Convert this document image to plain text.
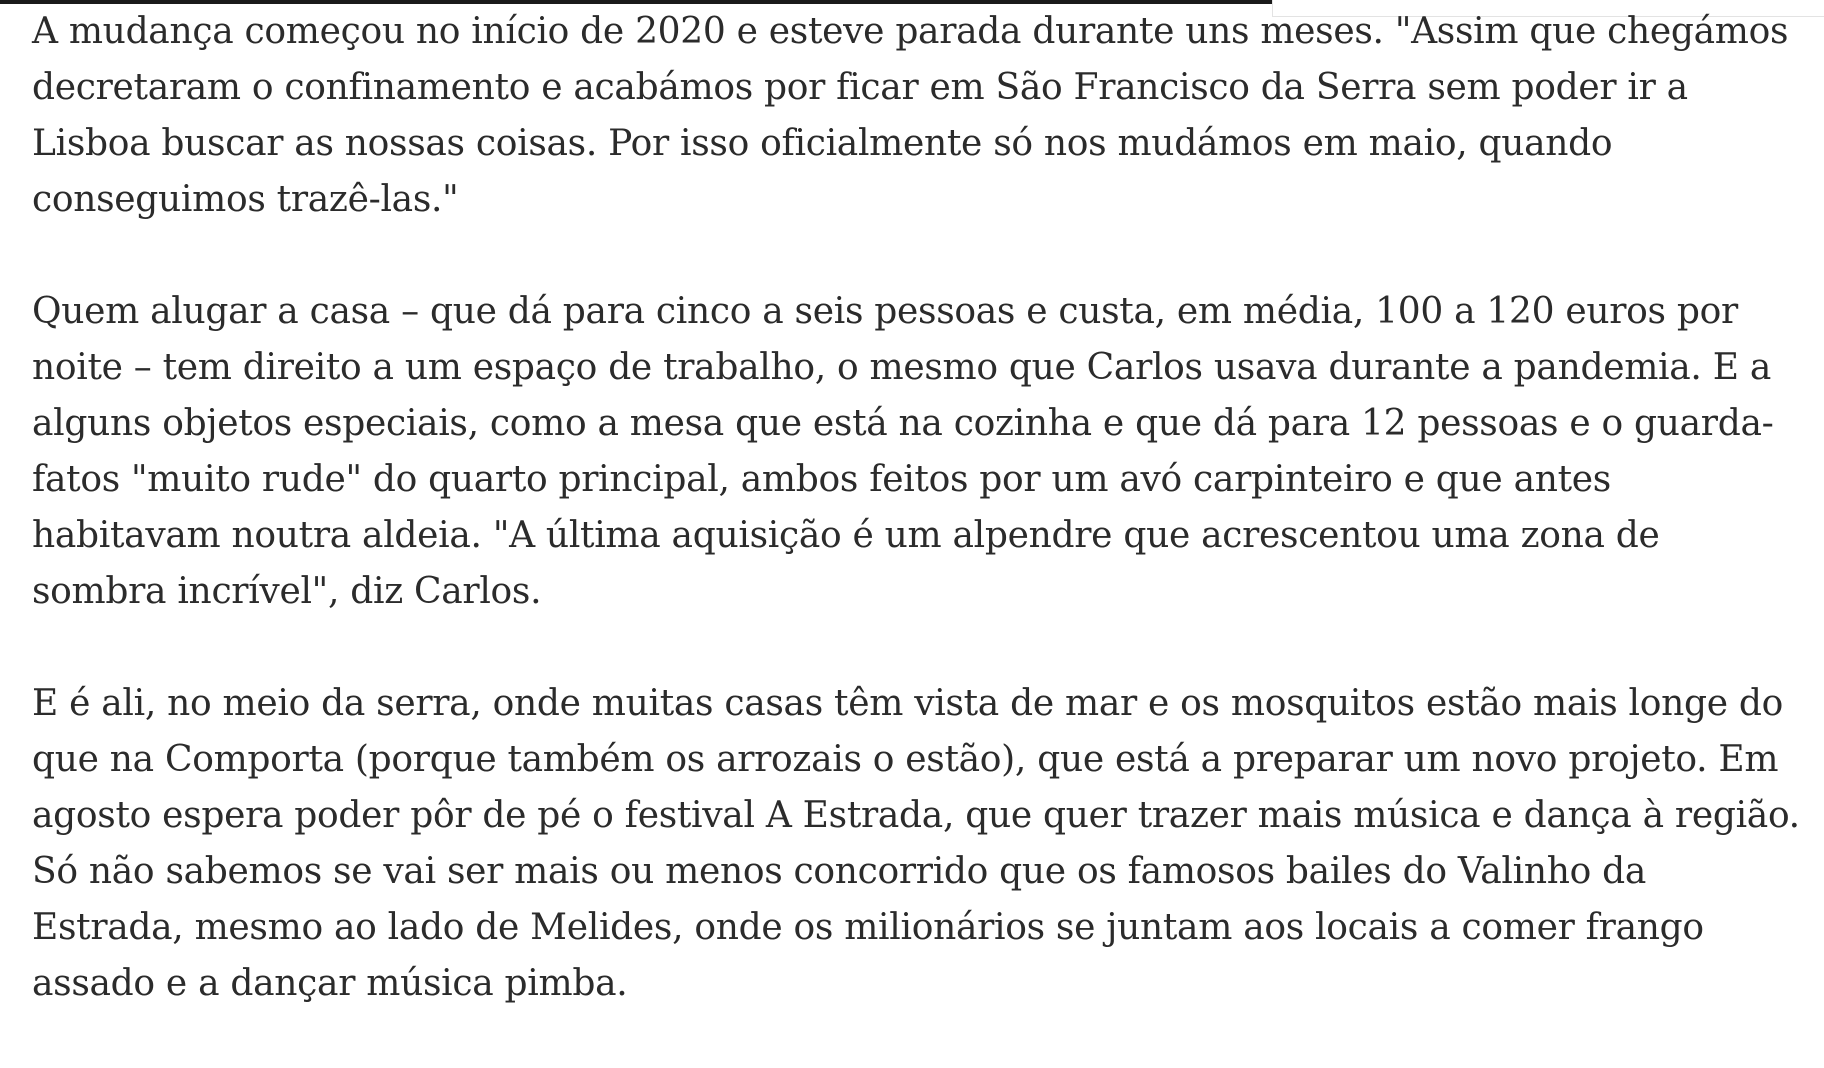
A mudança começou no início de 2020 e esteve parada durante uns meses. "Assim que chegámos decretaram o confinamento e acabámos por ficar em São Francisco da Serra sem poder ir a Lisboa buscar as nossas coisas. Por isso oficialmente só nos mudámos em maio, quando conseguimos trazê-las."

Quem alugar a casa – que dá para cinco a seis pessoas e custa, em média, 100 a 120 euros por noite – tem direito a um espaço de trabalho, o mesmo que Carlos usava durante a pandemia. E a alguns objetos especiais, como a mesa que está na cozinha e que dá para 12 pessoas e o guarda-fatos "muito rude" do quarto principal, ambos feitos por um avó carpinteiro e que antes habitavam noutra aldeia. "A última aquisição é um alpendre que acrescentou uma zona de sombra incrível", diz Carlos.

E é ali, no meio da serra, onde muitas casas têm vista de mar e os mosquitos estão mais longe do que na Comporta (porque também os arrozais o estão), que está a preparar um novo projeto. Em agosto espera poder pôr de pé o festival A Estrada, que quer trazer mais música e dança à região. Só não sabemos se vai ser mais ou menos concorrido que os famosos bailes do Valinho da Estrada, mesmo ao lado de Melides, onde os milionários se juntam aos locais a comer frango assado e a dançar música pimba.
